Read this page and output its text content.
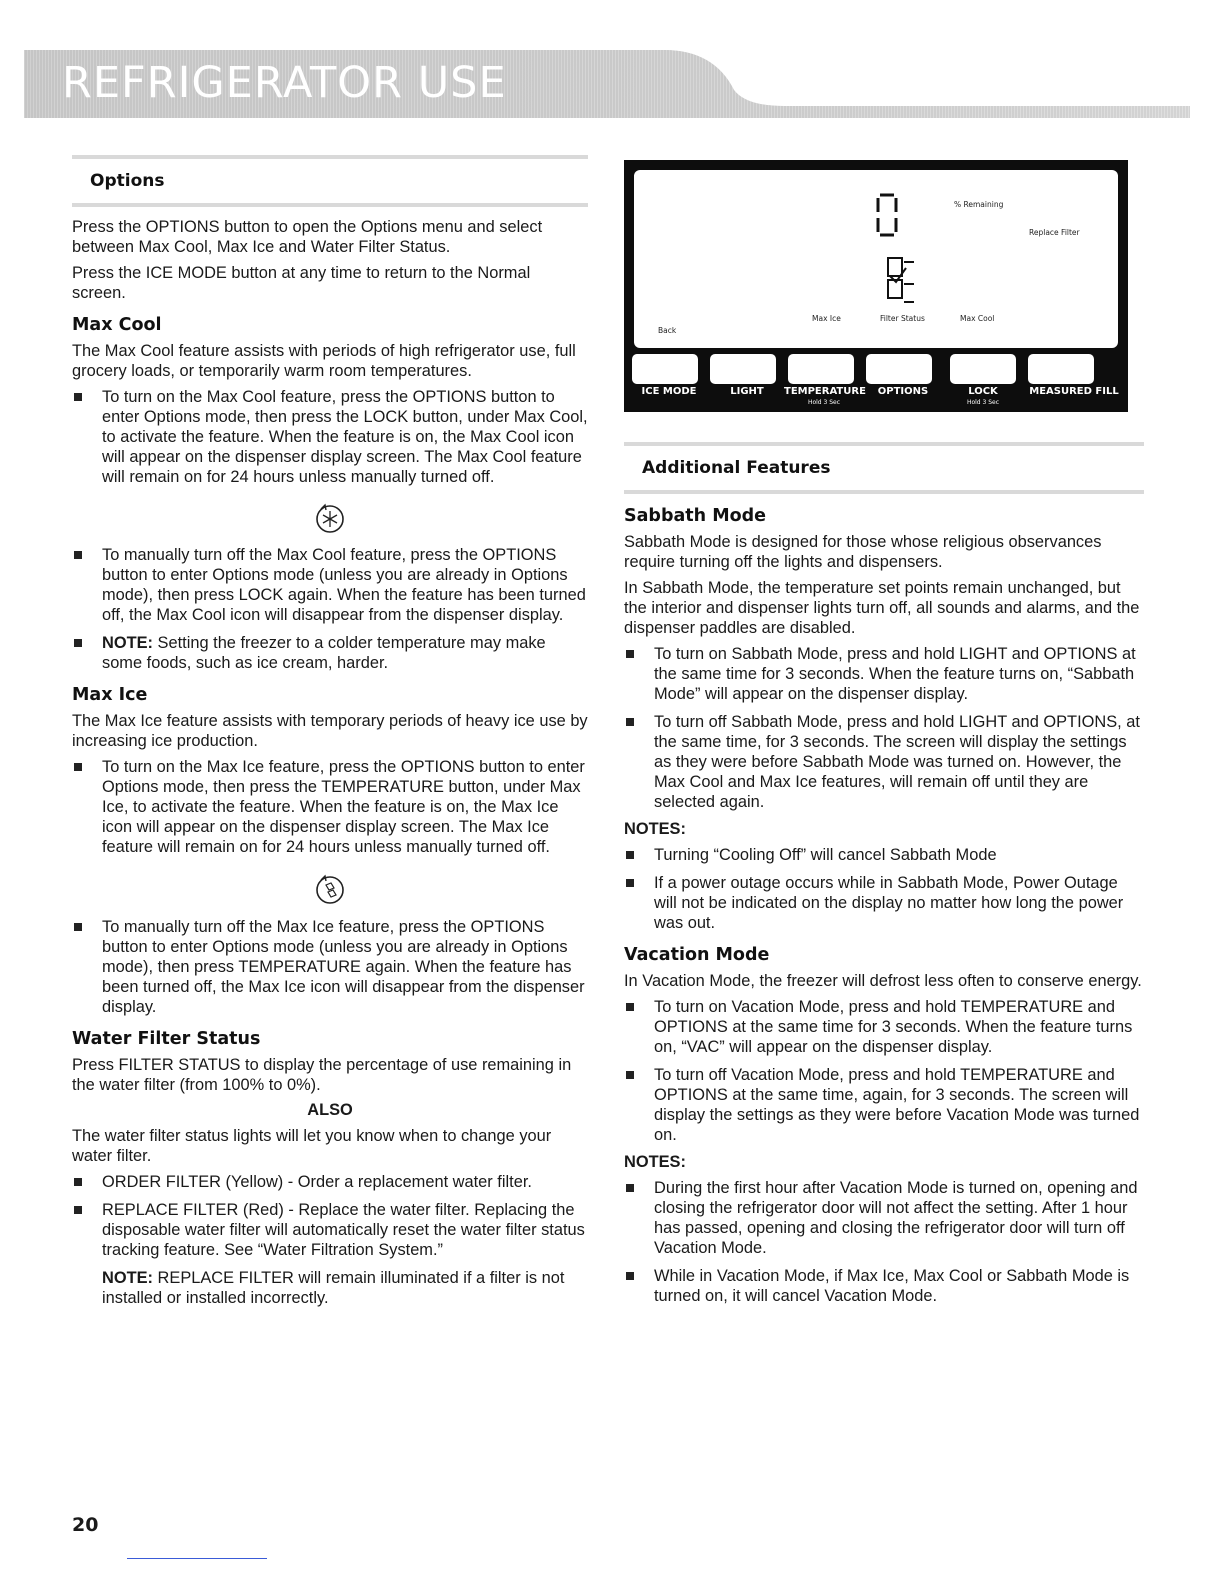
REFRIGERATOR USE
Options

Press the OPTIONS button to open the Options menu and select between Max Cool, Max Ice and Water Filter Status.

Press the ICE MODE button at any time to return to the Normal screen.

Max Cool

The Max Cool feature assists with periods of high refrigerator use, full grocery loads, or temporarily warm room temperatures.

To turn on the Max Cool feature, press the OPTIONS button to enter Options mode, then press the LOCK button, under Max Cool, to activate the feature. When the feature is on, the Max Cool icon will appear on the dispenser display screen. The Max Cool feature will remain on for 24 hours unless manually turned off.
To manually turn off the Max Cool feature, press the OPTIONS button to enter Options mode (unless you are already in Options mode), then press LOCK again. When the feature has been turned off, the Max Cool icon will disappear from the dispenser display.
NOTE: Setting the freezer to a colder temperature may make some foods, such as ice cream, harder.
Max Ice

The Max Ice feature assists with temporary periods of heavy ice use by increasing ice production.

To turn on the Max Ice feature, press the OPTIONS button to enter Options mode, then press the TEMPERATURE button, under Max Ice, to activate the feature. When the feature is on, the Max Ice icon will appear on the dispenser display screen. The Max Ice feature will remain on for 24 hours unless manually turned off.
To manually turn off the Max Ice feature, press the OPTIONS button to enter Options mode (unless you are already in Options mode), then press TEMPERATURE again. When the feature has been turned off, the Max Ice icon will disappear from the dispenser display.
Water Filter Status

Press FILTER STATUS to display the percentage of use remaining in the water filter (from 100% to 0%).

ALSO

The water filter status lights will let you know when to change your water filter.

ORDER FILTER (Yellow) - Order a replacement water filter.
REPLACE FILTER (Red) - Replace the water filter. Replacing the disposable water filter will automatically reset the water filter status tracking feature. See “Water Filtration System.”

NOTE: REPLACE FILTER will remain illuminated if a filter is not installed or installed incorrectly.

% Remaining
Replace Filter
Back
Max Ice	Filter Status	Max Cool
┌── Vacation Mode ──┐	┌── Turn Cooling Off ──┐
ICE MODE	LIGHT	TEMPERATURE	OPTIONS	LOCK	MEASURED FILL
Hold 3 Sec	Hold 3 Sec
Additional Features
Sabbath Mode

Sabbath Mode is designed for those whose religious observances require turning off the lights and dispensers.

In Sabbath Mode, the temperature set points remain unchanged, but the interior and dispenser lights turn off, all sounds and alarms, and the dispenser paddles are disabled.

To turn on Sabbath Mode, press and hold LIGHT and OPTIONS at the same time for 3 seconds. When the feature turns on, “Sabbath Mode” will appear on the dispenser display.
To turn off Sabbath Mode, press and hold LIGHT and OPTIONS, at the same time, for 3 seconds. The screen will display the settings as they were before Sabbath Mode was turned on. However, the Max Cool and Max Ice features, will remain off until they are selected again.
NOTES:
Turning “Cooling Off” will cancel Sabbath Mode
If a power outage occurs while in Sabbath Mode, Power Outage will not be indicated on the display no matter how long the power was out.
Vacation Mode

In Vacation Mode, the freezer will defrost less often to conserve energy.

To turn on Vacation Mode, press and hold TEMPERATURE and OPTIONS at the same time for 3 seconds. When the feature turns on, “VAC” will appear on the dispenser display.
To turn off Vacation Mode, press and hold TEMPERATURE and OPTIONS at the same time, again, for 3 seconds. The screen will display the settings as they were before Vacation Mode was turned on.
NOTES:
During the first hour after Vacation Mode is turned on, opening and closing the refrigerator door will not affect the setting. After 1 hour has passed, opening and closing the refrigerator door will turn off Vacation Mode.
While in Vacation Mode, if Max Ice, Max Cool or Sabbath Mode is turned on, it will cancel Vacation Mode.
20
